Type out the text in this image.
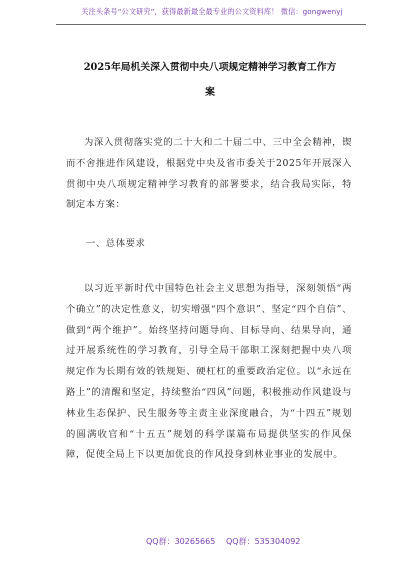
关注头条号“公文研究”，获得最新最全最专业的公文资料库！ 微信：gongwenyj
2025年局机关深入贯彻中央八项规定精神学习教育工作方
案
为深入贯彻落实党的二十大和二十届二中、三中全会精神，锲而不舍推进作风建设，根据党中央及省市委关于2025年开展深入贯彻中央八项规定精神学习教育的部署要求，结合我局实际，特制定本方案：
一、总体要求
以习近平新时代中国特色社会主义思想为指导，深刻领悟“两个确立”的决定性意义，切实增强“四个意识”、坚定“四个自信”、做到“两个维护”。始终坚持问题导向、目标导向、结果导向，通过开展系统性的学习教育，引导全局干部职工深刻把握中央八项规定作为长期有效的铁规矩、硬杠杠的重要政治定位。以“永远在路上”的清醒和坚定，持续整治“四风”问题，积极推动作风建设与林业生态保护、民生服务等主责主业深度融合，为“十四五”规划的圆满收官和“十五五”规划的科学谋篇布局提供坚实的作风保障，促使全局上下以更加优良的作风投身到林业事业的发展中。
QQ群：30265665 QQ群：535304092
